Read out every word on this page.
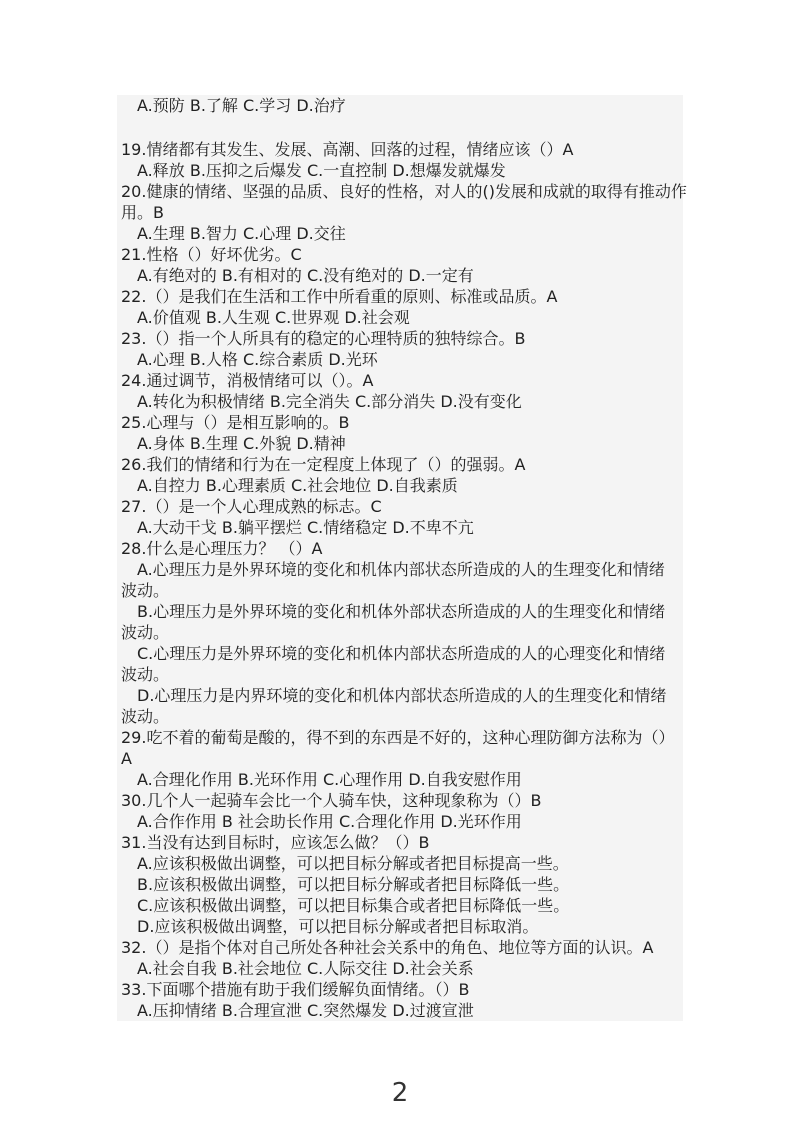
A.预防 B.了解 C.学习 D.治疗
19.情绪都有其发生、发展、高潮、回落的过程，情绪应该（）A
A.释放 B.压抑之后爆发 C.一直控制 D.想爆发就爆发
20.健康的情绪、坚强的品质、良好的性格，对人的()发展和成就的取得有推动作
用。B
A.生理 B.智力 C.心理 D.交往
21.性格（）好坏优劣。C
A.有绝对的 B.有相对的 C.没有绝对的 D.一定有
22.（）是我们在生活和工作中所看重的原则、标准或品质。A
A.价值观 B.人生观 C.世界观 D.社会观
23.（）指一个人所具有的稳定的心理特质的独特综合。B
A.心理 B.人格 C.综合素质 D.光环
24.通过调节，消极情绪可以（）。A
A.转化为积极情绪 B.完全消失 C.部分消失 D.没有变化
25.心理与（）是相互影响的。B
A.身体 B.生理 C.外貌 D.精神
26.我们的情绪和行为在一定程度上体现了（）的强弱。A
A.自控力 B.心理素质 C.社会地位 D.自我素质
27.（）是一个人心理成熟的标志。C
A.大动干戈 B.躺平摆烂 C.情绪稳定 D.不卑不亢
28.什么是心理压力？ （）A
A.心理压力是外界环境的变化和机体内部状态所造成的人的生理变化和情绪
波动。
B.心理压力是外界环境的变化和机体外部状态所造成的人的生理变化和情绪
波动。
C.心理压力是外界环境的变化和机体内部状态所造成的人的心理变化和情绪
波动。
D.心理压力是内界环境的变化和机体内部状态所造成的人的生理变化和情绪
波动。
29.吃不着的葡萄是酸的，得不到的东西是不好的，这种心理防御方法称为（）
A
A.合理化作用 B.光环作用 C.心理作用 D.自我安慰作用
30.几个人一起骑车会比一个人骑车快，这种现象称为（）B
A.合作作用 B 社会助长作用 C.合理化作用 D.光环作用
31.当没有达到目标时，应该怎么做？（）B
A.应该积极做出调整，可以把目标分解或者把目标提高一些。
B.应该积极做出调整，可以把目标分解或者把目标降低一些。
C.应该积极做出调整，可以把目标集合或者把目标降低一些。
D.应该积极做出调整，可以把目标分解或者把目标取消。
32.（）是指个体对自己所处各种社会关系中的角色、地位等方面的认识。A
A.社会自我 B.社会地位 C.人际交往 D.社会关系
33.下面哪个措施有助于我们缓解负面情绪。（）B
A.压抑情绪 B.合理宣泄 C.突然爆发 D.过渡宣泄
2
